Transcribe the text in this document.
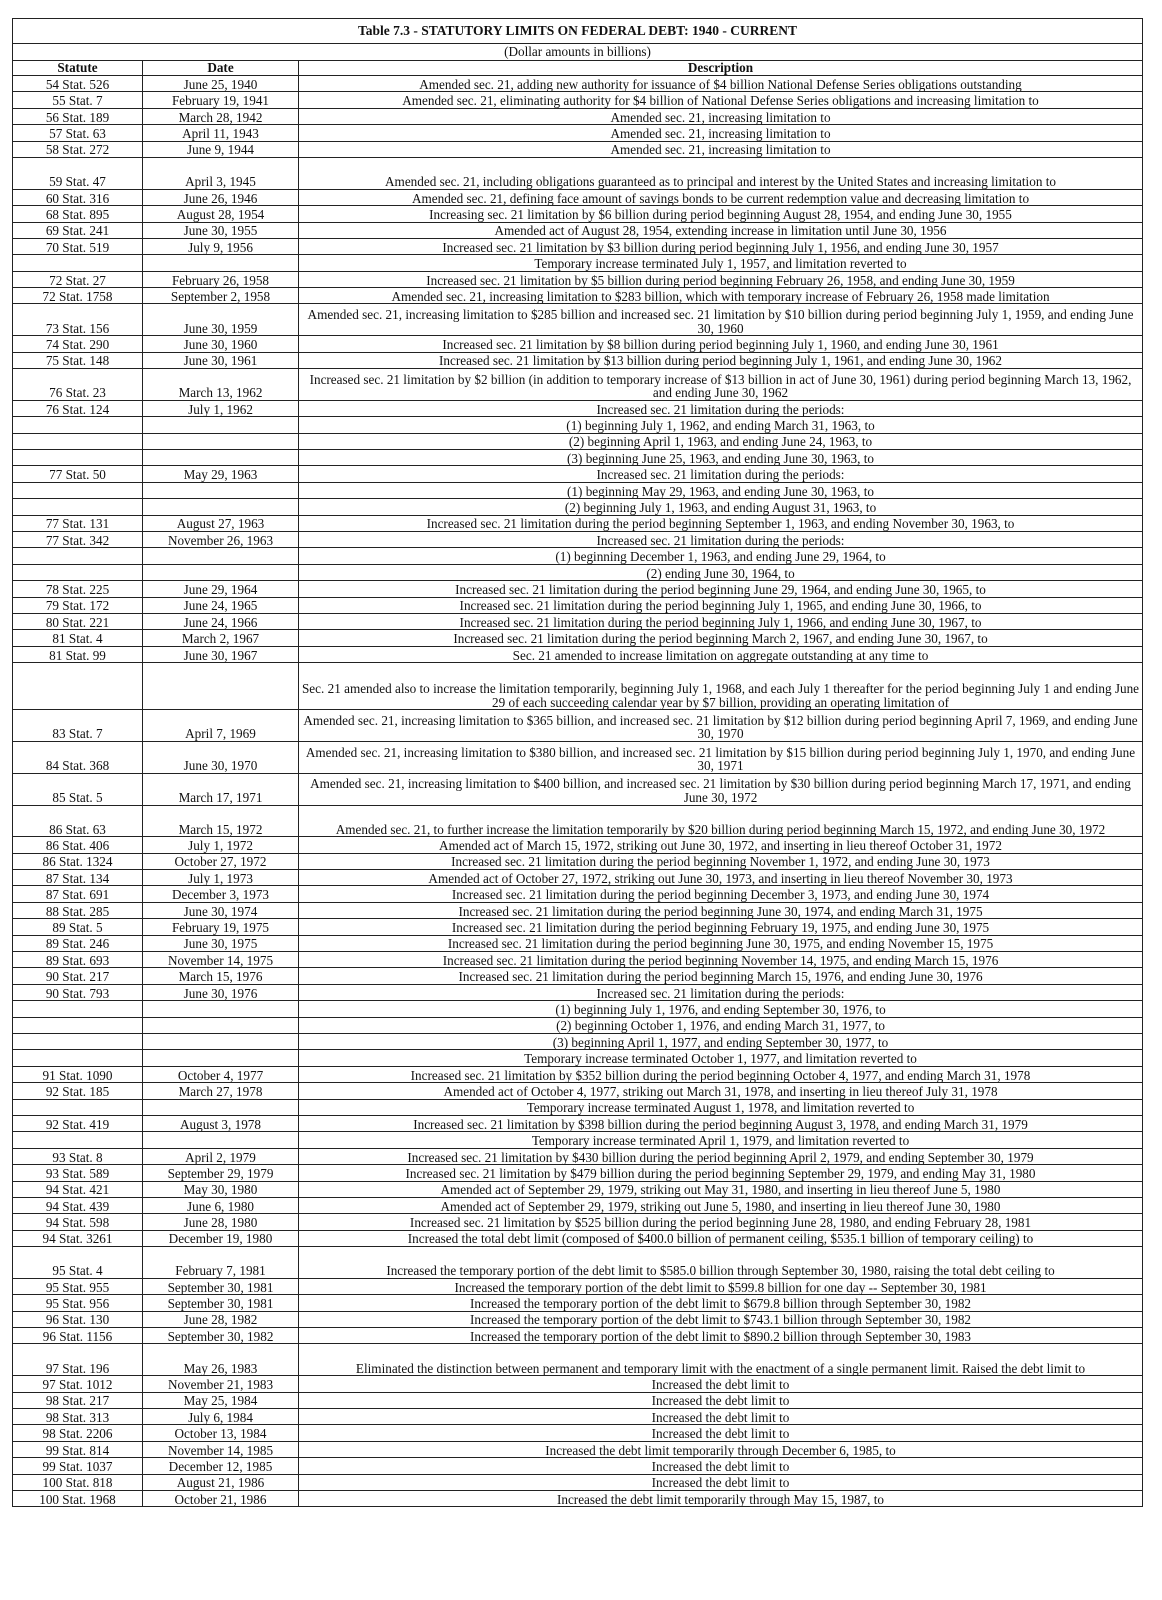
Table 7.3 - STATUTORY LIMITS ON FEDERAL DEBT: 1940 - CURRENT		
(Dollar amounts in billions)		
Statute	Date	Description
54 Stat. 526	June 25, 1940	Amended sec. 21, adding new authority for issuance of $4 billion National Defense Series obligations outstanding
55 Stat. 7	February 19, 1941	Amended sec. 21, eliminating authority for $4 billion of National Defense Series obligations and increasing limitation to
56 Stat. 189	March 28, 1942	Amended sec. 21, increasing limitation to
57 Stat. 63	April 11, 1943	Amended sec. 21, increasing limitation to
58 Stat. 272	June 9, 1944	Amended sec. 21, increasing limitation to
59 Stat. 47	April 3, 1945	Amended sec. 21, including obligations guaranteed as to principal and interest by the United States and increasing limitation to
60 Stat. 316	June 26, 1946	Amended sec. 21, defining face amount of savings bonds to be current redemption value and decreasing limitation to
68 Stat. 895	August 28, 1954	Increasing sec. 21 limitation by $6 billion during period beginning August 28, 1954, and ending June 30, 1955
69 Stat. 241	June 30, 1955	Amended act of August 28, 1954, extending increase in limitation until June 30, 1956
70 Stat. 519	July 9, 1956	Increased sec. 21 limitation by $3 billion during period beginning July 1, 1956, and ending June 30, 1957
		Temporary increase terminated July 1, 1957, and limitation reverted to
72 Stat. 27	February 26, 1958	Increased sec. 21 limitation by $5 billion during period beginning February 26, 1958, and ending June 30, 1959
72 Stat. 1758	September 2, 1958	Amended sec. 21, increasing limitation to $283 billion, which with temporary increase of February 26, 1958 made limitation
73 Stat. 156	June 30, 1959	Amended sec. 21, increasing limitation to $285 billion and increased sec. 21 limitation by $10 billion during period beginning July 1, 1959, and ending June 30, 1960
74 Stat. 290	June 30, 1960	Increased sec. 21 limitation by $8 billion during period beginning July 1, 1960, and ending June 30, 1961
75 Stat. 148	June 30, 1961	Increased sec. 21 limitation by $13 billion during period beginning July 1, 1961, and ending June 30, 1962
76 Stat. 23	March 13, 1962	Increased sec. 21 limitation by $2 billion (in addition to temporary increase of $13 billion in act of June 30, 1961) during period beginning March 13, 1962, and ending June 30, 1962
76 Stat. 124	July 1, 1962	Increased sec. 21 limitation during the periods:
		(1) beginning July 1, 1962, and ending March 31, 1963, to
		(2) beginning April 1, 1963, and ending June 24, 1963, to
		(3) beginning June 25, 1963, and ending June 30, 1963, to
77 Stat. 50	May 29, 1963	Increased sec. 21 limitation during the periods:
		(1) beginning May 29, 1963, and ending June 30, 1963, to
		(2) beginning July 1, 1963, and ending August 31, 1963, to
77 Stat. 131	August 27, 1963	Increased sec. 21 limitation during the period beginning September 1, 1963, and ending November 30, 1963, to
77 Stat. 342	November 26, 1963	Increased sec. 21 limitation during the periods:
		(1) beginning December 1, 1963, and ending June 29, 1964, to
		(2) ending June 30, 1964, to
78 Stat. 225	June 29, 1964	Increased sec. 21 limitation during the period beginning June 29, 1964, and ending June 30, 1965, to
79 Stat. 172	June 24, 1965	Increased sec. 21 limitation during the period beginning July 1, 1965, and ending June 30, 1966, to
80 Stat. 221	June 24, 1966	Increased sec. 21 limitation during the period beginning July 1, 1966, and ending June 30, 1967, to
81 Stat. 4	March 2, 1967	Increased sec. 21 limitation during the period beginning March 2, 1967, and ending June 30, 1967, to
81 Stat. 99	June 30, 1967	Sec. 21 amended to increase limitation on aggregate outstanding at any time to
		Sec. 21 amended also to increase the limitation temporarily, beginning July 1, 1968, and each July 1 thereafter for the period beginning July 1 and ending June 29 of each succeeding calendar year by $7 billion, providing an operating limitation of
83 Stat. 7	April 7, 1969	Amended sec. 21, increasing limitation to $365 billion, and increased sec. 21 limitation by $12 billion during period beginning April 7, 1969, and ending June 30, 1970
84 Stat. 368	June 30, 1970	Amended sec. 21, increasing limitation to $380 billion, and increased sec. 21 limitation by $15 billion during period beginning July 1, 1970, and ending June 30, 1971
85 Stat. 5	March 17, 1971	Amended sec. 21, increasing limitation to $400 billion, and increased sec. 21 limitation by $30 billion during period beginning March 17, 1971, and ending June 30, 1972
86 Stat. 63	March 15, 1972	Amended sec. 21, to further increase the limitation temporarily by $20 billion during period beginning March 15, 1972, and ending June 30, 1972
86 Stat. 406	July 1, 1972	Amended act of March 15, 1972, striking out June 30, 1972, and inserting in lieu thereof October 31, 1972
86 Stat. 1324	October 27, 1972	Increased sec. 21 limitation during the period beginning November 1, 1972, and ending June 30, 1973
87 Stat. 134	July 1, 1973	Amended act of October 27, 1972, striking out June 30, 1973, and inserting in lieu thereof November 30, 1973
87 Stat. 691	December 3, 1973	Increased sec. 21 limitation during the period beginning December 3, 1973, and ending June 30, 1974
88 Stat. 285	June 30, 1974	Increased sec. 21 limitation during the period beginning June 30, 1974, and ending March 31, 1975
89 Stat. 5	February 19, 1975	Increased sec. 21 limitation during the period beginning February 19, 1975, and ending June 30, 1975
89 Stat. 246	June 30, 1975	Increased sec. 21 limitation during the period beginning June 30, 1975, and ending November 15, 1975
89 Stat. 693	November 14, 1975	Increased sec. 21 limitation during the period beginning November 14, 1975, and ending March 15, 1976
90 Stat. 217	March 15, 1976	Increased sec. 21 limitation during the period beginning March 15, 1976, and ending June 30, 1976
90 Stat. 793	June 30, 1976	Increased sec. 21 limitation during the periods:
		(1) beginning July 1, 1976, and ending September 30, 1976, to
		(2) beginning October 1, 1976, and ending March 31, 1977, to
		(3) beginning April 1, 1977, and ending September 30, 1977, to
		Temporary increase terminated October 1, 1977, and limitation reverted to
91 Stat. 1090	October 4, 1977	Increased sec. 21 limitation by $352 billion during the period beginning October 4, 1977, and ending March 31, 1978
92 Stat. 185	March 27, 1978	Amended act of October 4, 1977, striking out March 31, 1978, and inserting in lieu thereof July 31, 1978
		Temporary increase terminated August 1, 1978, and limitation reverted to
92 Stat. 419	August 3, 1978	Increased sec. 21 limitation by $398 billion during the period beginning August 3, 1978, and ending March 31, 1979
		Temporary increase terminated April 1, 1979, and limitation reverted to
93 Stat. 8	April 2, 1979	Increased sec. 21 limitation by $430 billion during the period beginning April 2, 1979, and ending September 30, 1979
93 Stat. 589	September 29, 1979	Increased sec. 21 limitation by $479 billion during the period beginning September 29, 1979, and ending May 31, 1980
94 Stat. 421	May 30, 1980	Amended act of September 29, 1979, striking out May 31, 1980, and inserting in lieu thereof June 5, 1980
94 Stat. 439	June 6, 1980	Amended act of September 29, 1979, striking out June 5, 1980, and inserting in lieu thereof June 30, 1980
94 Stat. 598	June 28, 1980	Increased sec. 21 limitation by $525 billion during the period beginning June 28, 1980, and ending February 28, 1981
94 Stat. 3261	December 19, 1980	Increased the total debt limit (composed of $400.0 billion of permanent ceiling, $535.1 billion of temporary ceiling) to
95 Stat. 4	February 7, 1981	Increased the temporary portion of the debt limit to $585.0 billion through September 30, 1980, raising the total debt ceiling to
95 Stat. 955	September 30, 1981	Increased the temporary portion of the debt limit to $599.8 billion for one day -- September 30, 1981
95 Stat. 956	September 30, 1981	Increased the temporary portion of the debt limit to $679.8 billion through September 30, 1982
96 Stat. 130	June 28, 1982	Increased the temporary portion of the debt limit to $743.1 billion through September 30, 1982
96 Stat. 1156	September 30, 1982	Increased the temporary portion of the debt limit to $890.2 billion through September 30, 1983
97 Stat. 196	May 26, 1983	Eliminated the distinction between permanent and temporary limit with the enactment of a single permanent limit. Raised the debt limit to
97 Stat. 1012	November 21, 1983	Increased the debt limit to
98 Stat. 217	May 25, 1984	Increased the debt limit to
98 Stat. 313	July 6, 1984	Increased the debt limit to
98 Stat. 2206	October 13, 1984	Increased the debt limit to
99 Stat. 814	November 14, 1985	Increased the debt limit temporarily through December 6, 1985, to
99 Stat. 1037	December 12, 1985	Increased the debt limit to
100 Stat. 818	August 21, 1986	Increased the debt limit to
100 Stat. 1968	October 21, 1986	Increased the debt limit temporarily through May 15, 1987, to
